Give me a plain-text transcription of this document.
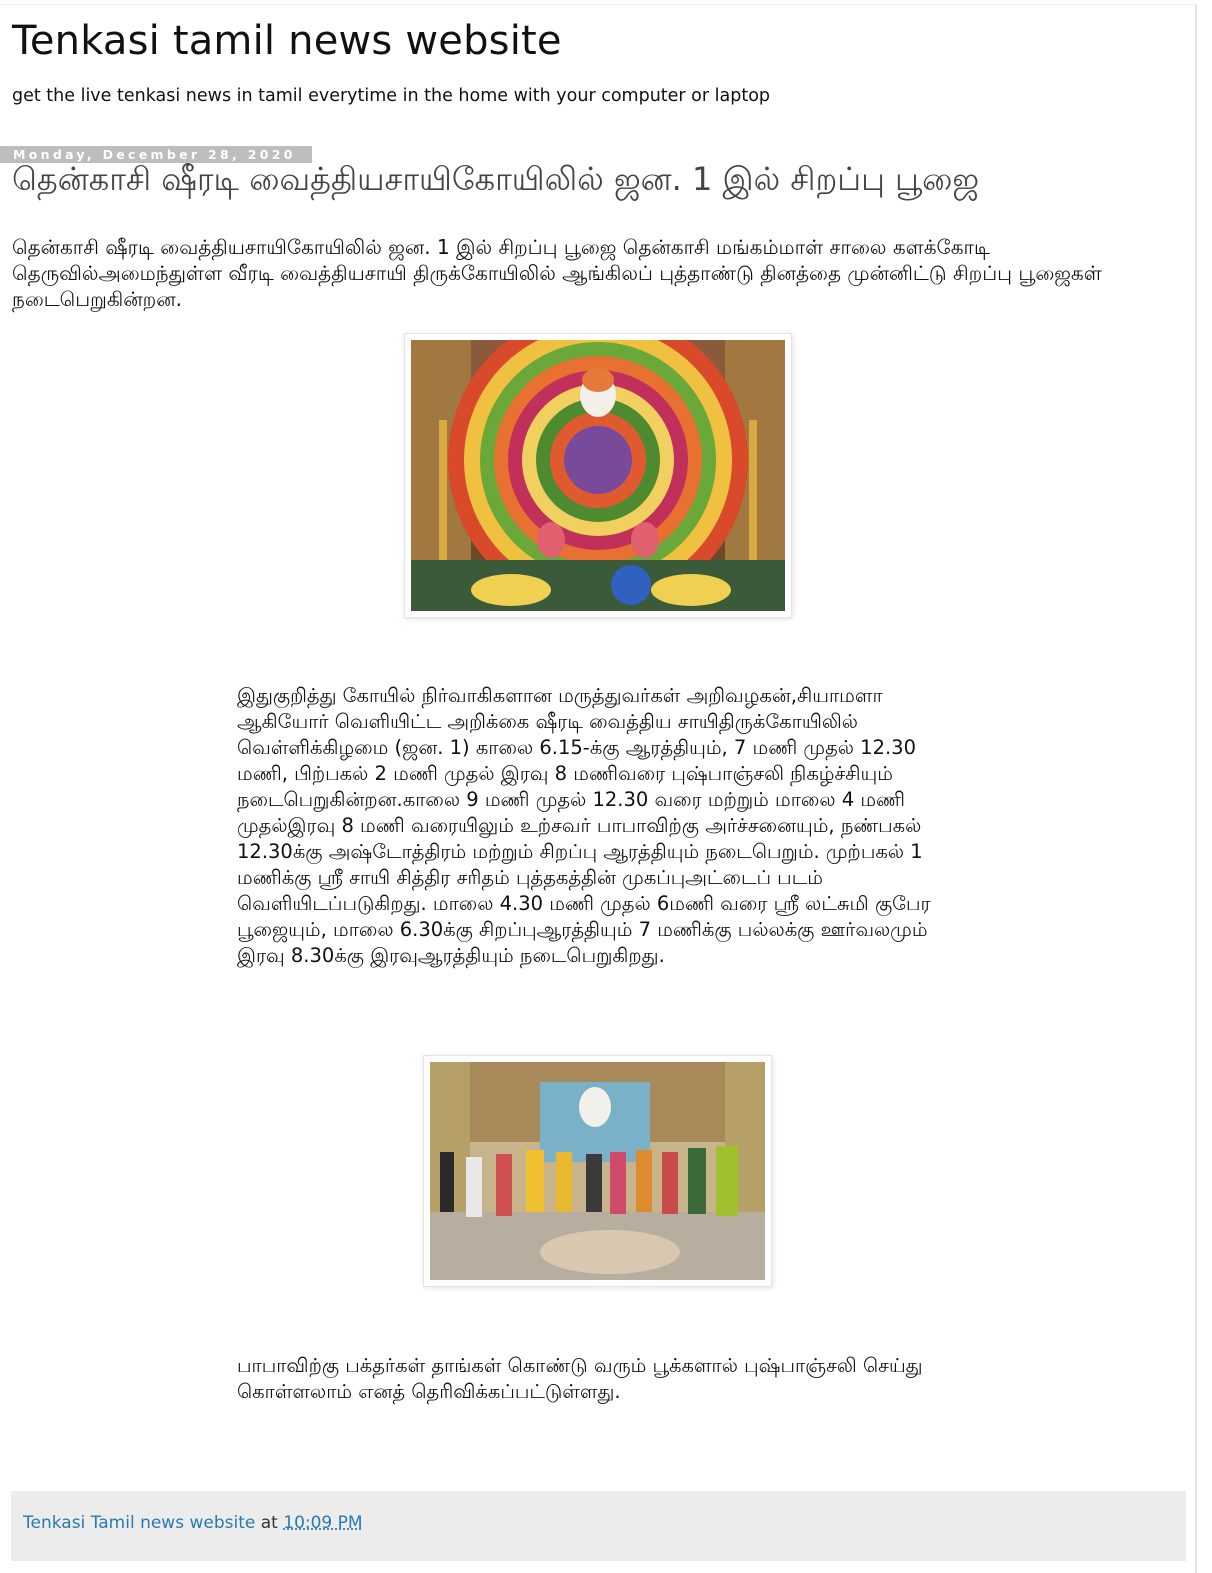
Tenkasi tamil news website

get the live tenkasi news in tamil everytime in the home with your computer or laptop

Monday, December 28, 2020
தென்காசி ஷீரடி வைத்தியசாயிகோயிலில் ஜன. 1 இல் சிறப்பு பூஜை

தென்காசி ஷீரடி வைத்தியசாயிகோயிலில் ஜன. 1 இல் சிறப்பு பூஜை தென்காசி மங்கம்மாள் சாலை களக்கோடி தெருவில்அமைந்துள்ள வீரடி வைத்தியசாயி திருக்கோயிலில் ஆங்கிலப் புத்தாண்டு தினத்தை முன்னிட்டு சிறப்பு பூஜைகள் நடைபெறுகின்றன.

இதுகுறித்து கோயில் நிர்வாகிகளான மருத்துவர்கள் அறிவழகன்,சியாமளா ஆகியோர் வெளியிட்ட அறிக்கை ஷீரடி வைத்திய சாயிதிருக்கோயிலில் வெள்ளிக்கிழமை (ஜன. 1) காலை 6.15-க்கு ஆரத்தியும், 7 மணி முதல் 12.30 மணி, பிற்பகல் 2 மணி முதல் இரவு 8 மணிவரை புஷ்பாஞ்சலி நிகழ்ச்சியும் நடைபெறுகின்றன.காலை 9 மணி முதல் 12.30 வரை மற்றும் மாலை 4 மணி முதல்இரவு 8 மணி வரையிலும் உற்சவர் பாபாவிற்கு அர்ச்சனையும், நண்பகல் 12.30க்கு அஷ்டோத்திரம் மற்றும் சிறப்பு ஆரத்தியும் நடைபெறும். முற்பகல் 1 மணிக்கு ஸ்ரீ சாயி சித்திர சரிதம் புத்தகத்தின் முகப்புஅட்டைப் படம் வெளியிடப்படுகிறது. மாலை 4.30 மணி முதல் 6மணி வரை ஸ்ரீ லட்சுமி குபேர பூஜையும், மாலை 6.30க்கு சிறப்புஆரத்தியும் 7 மணிக்கு பல்லக்கு ஊர்வலமும் இரவு 8.30க்கு இரவுஆரத்தியும் நடைபெறுகிறது.

பாபாவிற்கு பக்தர்கள் தாங்கள் கொண்டு வரும் பூக்களால் புஷ்பாஞ்சலி செய்து கொள்ளலாம் எனத் தெரிவிக்கப்பட்டுள்ளது.

Tenkasi Tamil news website at 10:09 PM
